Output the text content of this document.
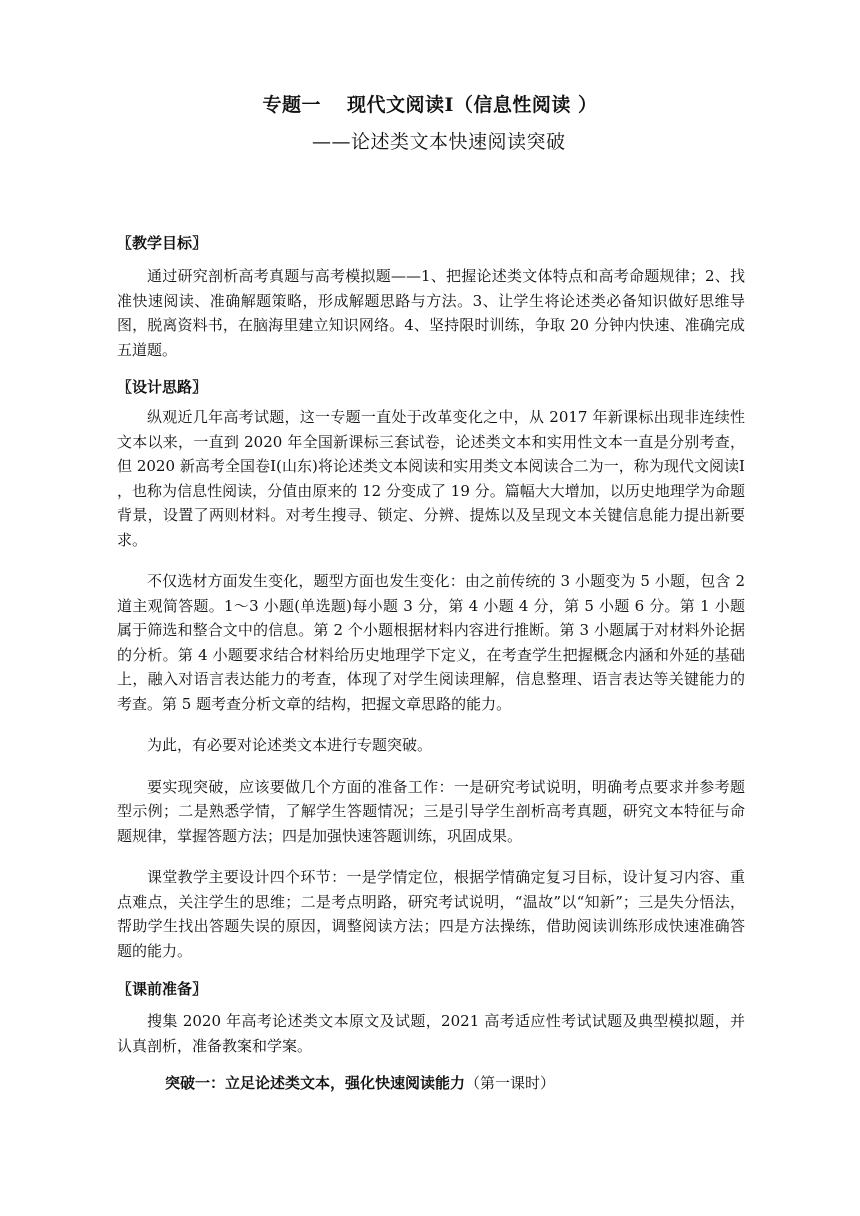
专题一 现代文阅读Ⅰ（信息性阅读 ）
——论述类文本快速阅读突破

〖教学目标〗

通过研究剖析高考真题与高考模拟题——1、把握论述类文体特点和高考命题规律；2、找准快速阅读、准确解题策略，形成解题思路与方法。3、让学生将论述类必备知识做好思维导图，脱离资料书，在脑海里建立知识网络。4、坚持限时训练，争取 20 分钟内快速、准确完成五道题。

〖设计思路〗

纵观近几年高考试题，这一专题一直处于改革变化之中，从 2017 年新课标出现非连续性文本以来，一直到 2020 年全国新课标三套试卷，论述类文本和实用性文本一直是分别考查，但 2020 新高考全国卷Ⅰ(山东)将论述类文本阅读和实用类文本阅读合二为一，称为现代文阅读Ⅰ ，也称为信息性阅读，分值由原来的 12 分变成了 19 分。篇幅大大增加，以历史地理学为命题背景，设置了两则材料。对考生搜寻、锁定、分辨、提炼以及呈现文本关键信息能力提出新要求。

不仅选材方面发生变化，题型方面也发生变化：由之前传统的 3 小题变为 5 小题，包含 2 道主观简答题。1～3 小题(单选题)每小题 3 分，第 4 小题 4 分，第 5 小题 6 分。第 1 小题属于筛选和整合文中的信息。第 2 个小题根据材料内容进行推断。第 3 小题属于对材料外论据的分析。第 4 小题要求结合材料给历史地理学下定义，在考查学生把握概念内涵和外延的基础上，融入对语言表达能力的考查，体现了对学生阅读理解，信息整理、语言表达等关键能力的考查。第 5 题考查分析文章的结构，把握文章思路的能力。

为此，有必要对论述类文本进行专题突破。

要实现突破，应该要做几个方面的准备工作：一是研究考试说明，明确考点要求并参考题型示例；二是熟悉学情，了解学生答题情况；三是引导学生剖析高考真题，研究文本特征与命题规律，掌握答题方法；四是加强快速答题训练，巩固成果。

课堂教学主要设计四个环节：一是学情定位，根据学情确定复习目标，设计复习内容、重点难点，关注学生的思维；二是考点明路，研究考试说明，“温故”以“知新”；三是失分悟法，帮助学生找出答题失误的原因，调整阅读方法；四是方法操练，借助阅读训练形成快速准确答题的能力。

〖课前准备〗

搜集 2020 年高考论述类文本原文及试题，2021 高考适应性考试试题及典型模拟题，并认真剖析，准备教案和学案。

突破一：立足论述类文本，强化快速阅读能力（第一课时）
